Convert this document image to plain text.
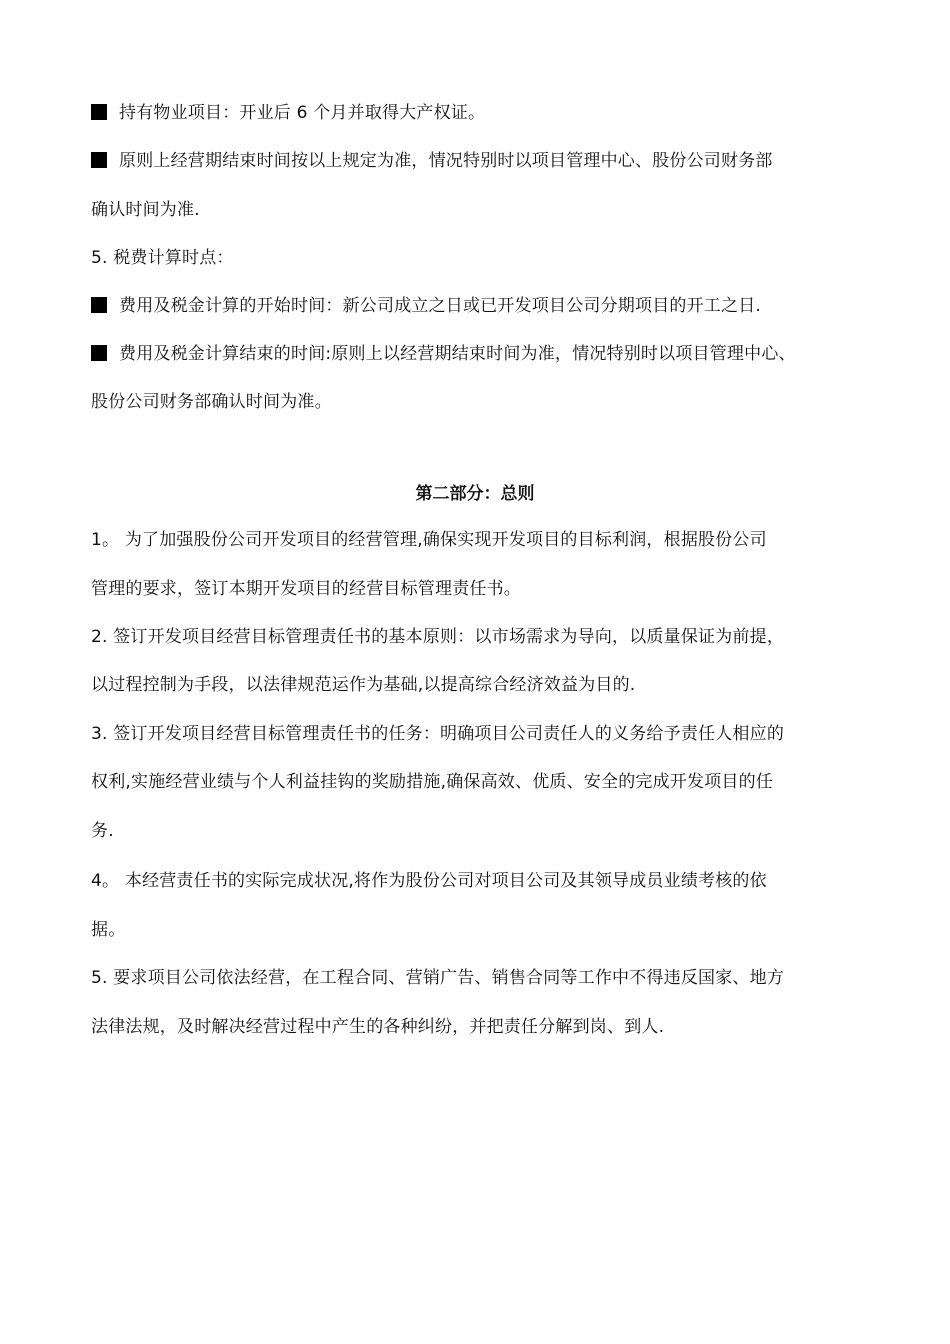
持有物业项目：开业后 6 个月并取得大产权证。
原则上经营期结束时间按以上规定为准，情况特别时以项目管理中心、股份公司财务部
确认时间为准.
5. 税费计算时点：
费用及税金计算的开始时间：新公司成立之日或已开发项目公司分期项目的开工之日.
费用及税金计算结束的时间:原则上以经营期结束时间为准，情况特别时以项目管理中心、
股份公司财务部确认时间为准。
第二部分：总则
1。 为了加强股份公司开发项目的经营管理,确保实现开发项目的目标利润，根据股份公司
管理的要求，签订本期开发项目的经营目标管理责任书。
2. 签订开发项目经营目标管理责任书的基本原则：以市场需求为导向，以质量保证为前提，
以过程控制为手段，以法律规范运作为基础,以提高综合经济效益为目的.
3. 签订开发项目经营目标管理责任书的任务：明确项目公司责任人的义务给予责任人相应的
权利,实施经营业绩与个人利益挂钩的奖励措施,确保高效、优质、安全的完成开发项目的任
务.
4。 本经营责任书的实际完成状况,将作为股份公司对项目公司及其领导成员业绩考核的依
据。
5. 要求项目公司依法经营，在工程合同、营销广告、销售合同等工作中不得违反国家、地方
法律法规，及时解决经营过程中产生的各种纠纷，并把责任分解到岗、到人.
